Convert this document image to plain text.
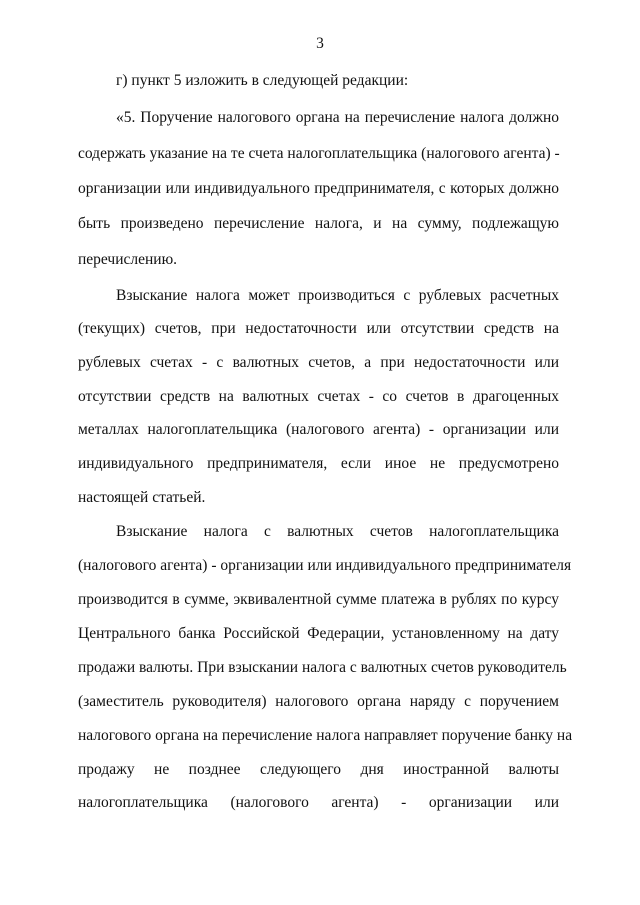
3
г) пункт 5 изложить в следующей редакции:
«5. Поручение налогового органа на перечисление налога должно
содержать указание на те счета налогоплательщика (налогового агента) -
организации или индивидуального предпринимателя, с которых должно
быть произведено перечисление налога, и на сумму, подлежащую
перечислению.
Взыскание налога может производиться с рублевых расчетных
(текущих) счетов, при недостаточности или отсутствии средств на
рублевых счетах - с валютных счетов, а при недостаточности или
отсутствии средств на валютных счетах - со счетов в драгоценных
металлах налогоплательщика (налогового агента) - организации или
индивидуального предпринимателя, если иное не предусмотрено
настоящей статьей.
Взыскание налога с валютных счетов налогоплательщика
(налогового агента) - организации или индивидуального предпринимателя
производится в сумме, эквивалентной сумме платежа в рублях по курсу
Центрального банка Российской Федерации, установленному на дату
продажи валюты. При взыскании налога с валютных счетов руководитель
(заместитель руководителя) налогового органа наряду с поручением
налогового органа на перечисление налога направляет поручение банку на
продажу не позднее следующего дня иностранной валюты
налогоплательщика (налогового агента) - организации или
